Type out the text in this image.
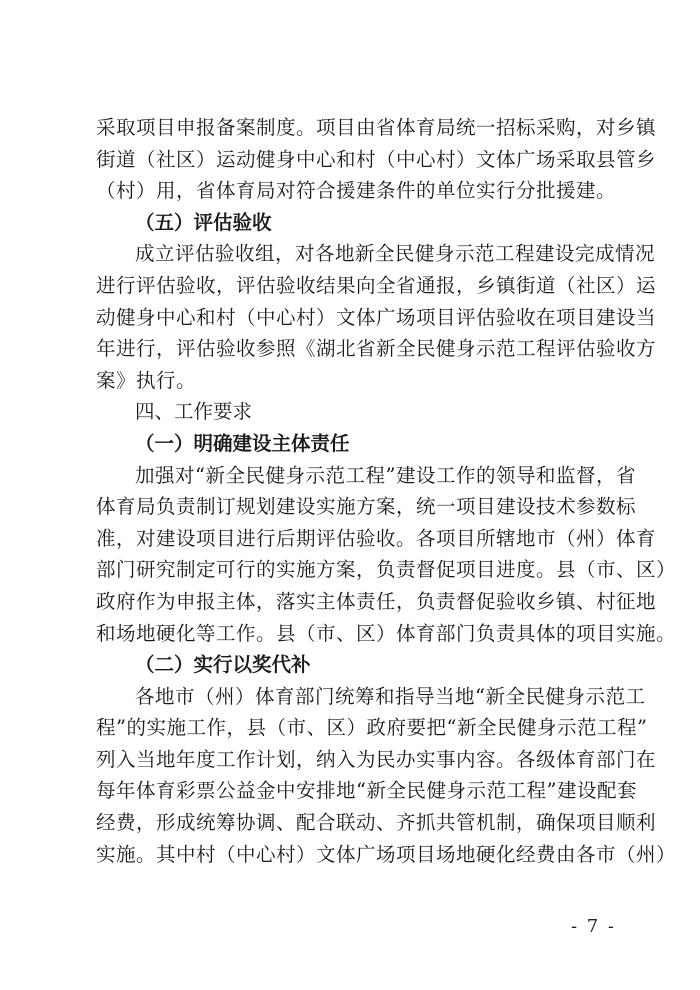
采取项目申报备案制度。项目由省体育局统一招标采购，对乡镇
街道（社区）运动健身中心和村（中心村）文体广场采取县管乡
（村）用，省体育局对符合援建条件的单位实行分批援建。
（五）评估验收
成立评估验收组，对各地新全民健身示范工程建设完成情况
进行评估验收，评估验收结果向全省通报，乡镇街道（社区）运
动健身中心和村（中心村）文体广场项目评估验收在项目建设当
年进行，评估验收参照《湖北省新全民健身示范工程评估验收方
案》执行。
四、工作要求
（一）明确建设主体责任
加强对“新全民健身示范工程”建设工作的领导和监督，省
体育局负责制订规划建设实施方案，统一项目建设技术参数标
准，对建设项目进行后期评估验收。各项目所辖地市（州）体育
部门研究制定可行的实施方案，负责督促项目进度。县（市、区）
政府作为申报主体，落实主体责任，负责督促验收乡镇、村征地
和场地硬化等工作。县（市、区）体育部门负责具体的项目实施。
（二）实行以奖代补
各地市（州）体育部门统筹和指导当地“新全民健身示范工
程”的实施工作，县（市、区）政府要把“新全民健身示范工程”
列入当地年度工作计划，纳入为民办实事内容。各级体育部门在
每年体育彩票公益金中安排地“新全民健身示范工程”建设配套
经费，形成统筹协调、配合联动、齐抓共管机制，确保项目顺利
实施。其中村（中心村）文体广场项目场地硬化经费由各市（州）
- 7 -
